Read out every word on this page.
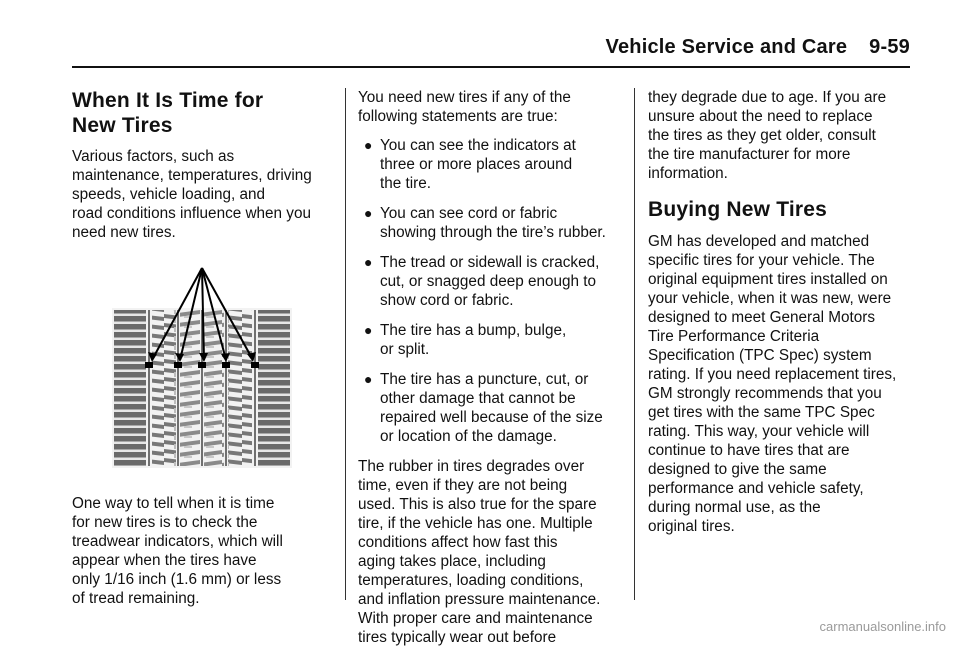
Vehicle Service and Care 9-59
When It Is Time for
New Tires

Various factors, such as
maintenance, temperatures, driving
speeds, vehicle loading, and
road conditions influence when you
need new tires.

One way to tell when it is time
for new tires is to check the
treadwear indicators, which will
appear when the tires have
only 1/16 inch (1.6 mm) or less
of tread remaining.

You need new tires if any of the
following statements are true:

● You can see the indicators at
three or more places around
the tire.
● You can see cord or fabric
showing through the tire’s rubber.
● The tread or sidewall is cracked,
cut, or snagged deep enough to
show cord or fabric.
● The tire has a bump, bulge,
or split.
● The tire has a puncture, cut, or
other damage that cannot be
repaired well because of the size
or location of the damage.

The rubber in tires degrades over
time, even if they are not being
used. This is also true for the spare
tire, if the vehicle has one. Multiple
conditions affect how fast this
aging takes place, including
temperatures, loading conditions,
and inflation pressure maintenance.
With proper care and maintenance
tires typically wear out before

they degrade due to age. If you are
unsure about the need to replace
the tires as they get older, consult
the tire manufacturer for more
information.

Buying New Tires

GM has developed and matched
specific tires for your vehicle. The
original equipment tires installed on
your vehicle, when it was new, were
designed to meet General Motors
Tire Performance Criteria
Specification (TPC Spec) system
rating. If you need replacement tires,
GM strongly recommends that you
get tires with the same TPC Spec
rating. This way, your vehicle will
continue to have tires that are
designed to give the same
performance and vehicle safety,
during normal use, as the
original tires.

carmanualsonline.info
